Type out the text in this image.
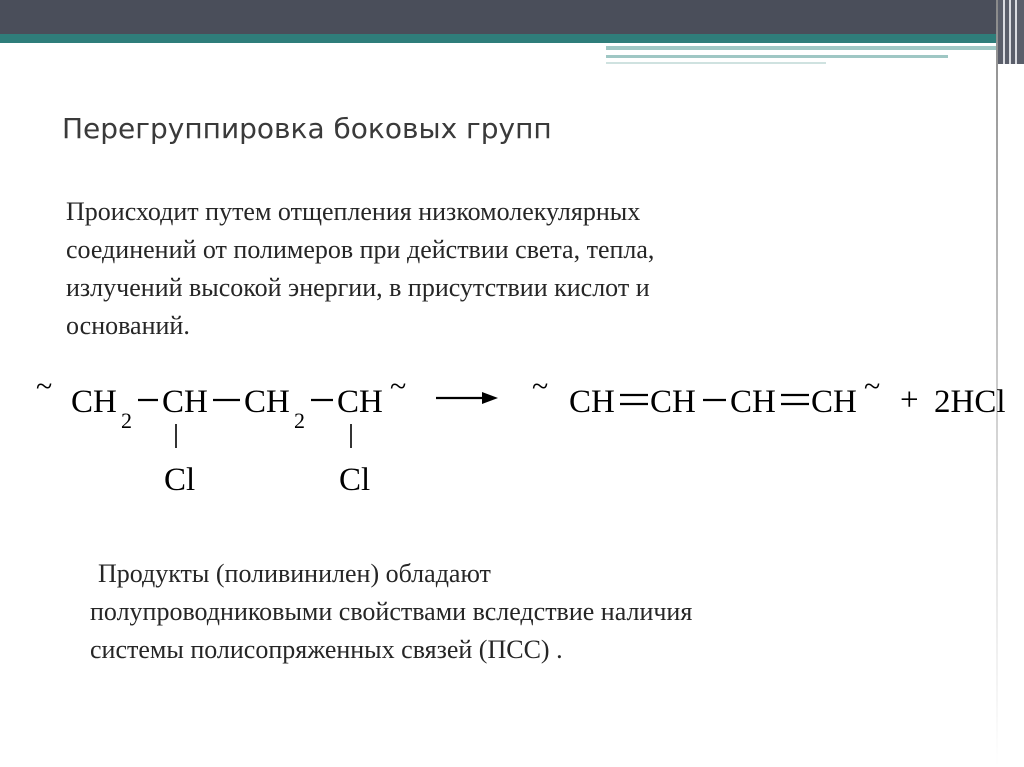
Перегруппировка боковых групп

Происходит путем отщепления низкомолекулярных
соединений от полимеров при действии света, тепла,
излучений высокой энергии, в присутствии кислот и
оснований.

~ CH
2
CH CH
2
CH ~
Cl	Cl
~ CH CH CH CH ~ + 2HCl

Продукты (поливинилен) обладают
полупроводниковыми свойствами вследствие наличия
системы полисопряженных связей (ПСС) .
